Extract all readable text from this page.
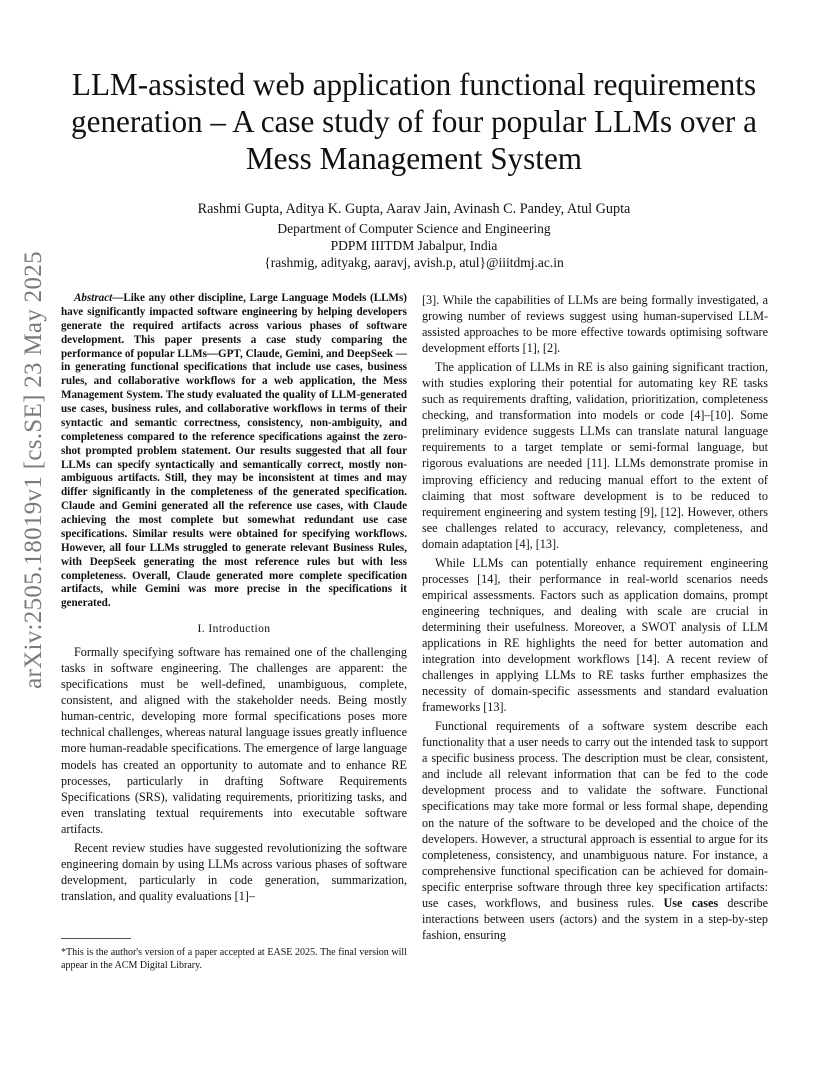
arXiv:2505.18019v1 [cs.SE] 23 May 2025
LLM-assisted web application functional requirements generation – A case study of four popular LLMs over a Mess Management System
Rashmi Gupta, Aditya K. Gupta, Aarav Jain, Avinash C. Pandey, Atul Gupta
Department of Computer Science and Engineering
PDPM IIITDM Jabalpur, India
{rashmig, adityakg, aaravj, avish.p, atul}@iiitdmj.ac.in

Abstract—Like any other discipline, Large Language Models (LLMs) have significantly impacted software engineering by helping developers generate the required artifacts across various phases of software development. This paper presents a case study comparing the performance of popular LLMs—GPT, Claude, Gemini, and DeepSeek — in generating functional specifications that include use cases, business rules, and collaborative workflows for a web application, the Mess Management System. The study evaluated the quality of LLM-generated use cases, business rules, and collaborative workflows in terms of their syntactic and semantic correctness, consistency, non-ambiguity, and completeness compared to the reference specifications against the zero-shot prompted problem statement. Our results suggested that all four LLMs can specify syntactically and semantically correct, mostly non-ambiguous artifacts. Still, they may be inconsistent at times and may differ significantly in the completeness of the generated specification. Claude and Gemini generated all the reference use cases, with Claude achieving the most complete but somewhat redundant use case specifications. Similar results were obtained for specifying workflows. However, all four LLMs struggled to generate relevant Business Rules, with DeepSeek generating the most reference rules but with less completeness. Overall, Claude generated more complete specification artifacts, while Gemini was more precise in the specifications it generated.

I. Introduction

Formally specifying software has remained one of the challenging tasks in software engineering. The challenges are apparent: the specifications must be well-defined, unambiguous, complete, consistent, and aligned with the stakeholder needs. Being mostly human-centric, developing more formal specifications poses more technical challenges, whereas natural language issues greatly influence more human-readable specifications. The emergence of large language models has created an opportunity to automate and to enhance RE processes, particularly in drafting Software Requirements Specifications (SRS), validating requirements, prioritizing tasks, and even translating textual requirements into executable software artifacts.

Recent review studies have suggested revolutionizing the software engineering domain by using LLMs across various phases of software development, particularly in code generation, summarization, translation, and quality evaluations [1]–

[3]. While the capabilities of LLMs are being formally investigated, a growing number of reviews suggest using human-supervised LLM-assisted approaches to be more effective towards optimising software development efforts [1], [2].

The application of LLMs in RE is also gaining significant traction, with studies exploring their potential for automating key RE tasks such as requirements drafting, validation, prioritization, completeness checking, and transformation into models or code [4]–[10]. Some preliminary evidence suggests LLMs can translate natural language requirements to a target template or semi-formal language, but rigorous evaluations are needed [11]. LLMs demonstrate promise in improving efficiency and reducing manual effort to the extent of claiming that most software development is to be reduced to requirement engineering and system testing [9], [12]. However, others see challenges related to accuracy, relevancy, completeness, and domain adaptation [4], [13].

While LLMs can potentially enhance requirement engineering processes [14], their performance in real-world scenarios needs empirical assessments. Factors such as application domains, prompt engineering techniques, and dealing with scale are crucial in determining their usefulness. Moreover, a SWOT analysis of LLM applications in RE highlights the need for better automation and integration into development workflows [14]. A recent review of challenges in applying LLMs to RE tasks further emphasizes the necessity of domain-specific assessments and standard evaluation frameworks [13].

Functional requirements of a software system describe each functionality that a user needs to carry out the intended task to support a specific business process. The description must be clear, consistent, and include all relevant information that can be fed to the code development process and to validate the software. Functional specifications may take more formal or less formal shape, depending on the nature of the software to be developed and the choice of the developers. However, a structural approach is essential to argue for its completeness, consistency, and unambiguous nature. For instance, a comprehensive functional specification can be achieved for domain-specific enterprise software through three key specification artifacts: use cases, workflows, and business rules. Use cases describe interactions between users (actors) and the system in a step-by-step fashion, ensuring

*This is the author's version of a paper accepted at EASE 2025. The final version will appear in the ACM Digital Library.
